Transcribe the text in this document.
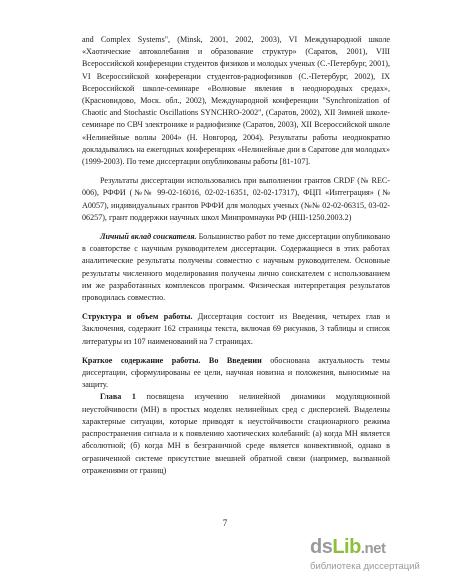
and Complex Systems", (Minsk, 2001, 2002, 2003), VI Международной школе «Хаотические автоколебания и образование структур» (Саратов, 2001), VIII Всероссийской конференции студентов физиков и молодых ученых (С.-Петербург, 2001), VI Всероссийской конференции студентов-радиофизиков (С.-Петербург, 2002), IX Всероссийской школе-семинаре «Волновые явления в неоднородных средах», (Красновидово, Моск. обл., 2002), Международной конференции "Synchronization of Chaotic and Stochastic Oscillations SYNCHRO-2002", (Саратов, 2002), XII Зимней школе-семинаре по СВЧ электронике и радиофизике (Саратов, 2003), XII Всероссийской школе «Нелинейные волны 2004» (Н. Новгород, 2004). Результаты работы неоднократно докладывались на ежегодных конференциях «Нелинейные дни в Саратове для молодых» (1999-2003). По теме диссертации опубликованы работы [81-107].

Результаты диссертации использовались при выполнении грантов CRDF (№ REC-006), РФФИ (№№ 99-02-16016, 02-02-16351, 02-02-17317), ФЦП «Интеграция» (№ А0057), индивидуальных грантов РФФИ для молодых ученых (№№ 02-02-06315, 03-02-06257), грант поддержки научных школ Минпромнауки РФ (НШ-1250.2003.2)

Личный вклад соискателя. Большинство работ по теме диссертации опубликовано в соавторстве с научным руководителем диссертации. Содержащиеся в этих работах аналитические результаты получены совместно с научным руководителем. Основные результаты численного моделирования получены лично соискателем с использованием им же разработанных комплексов программ. Физическая интерпретация результатов проводилась совместно.

Структура и объем работы. Диссертация состоит из Введения, четырех глав и Заключения, содержит 162 страницы текста, включая 69 рисунков, 3 таблицы и список литературы из 107 наименований на 7 страницах.

Краткое содержание работы. Во Введении обоснована актуальность темы диссертации, сформулированы ее цели, научная новизна и положения, выносимые на защиту.

Глава 1 посвящена изучению нелинейной динамики модуляционной неустойчивости (МН) в простых моделях нелинейных сред с дисперсией. Выделены характерные ситуации, которые приводят к неустойчивости стационарного режима распространения сигнала и к появлению хаотических колебаний: (а) когда МН является абсолютной; (б) когда МН в безграничной среде является конвективной, однако в ограниченной системе присутствие внешней обратной связи (например, вызванной отражениями от границ)

7
dsLib.net
библиотека диссертаций
